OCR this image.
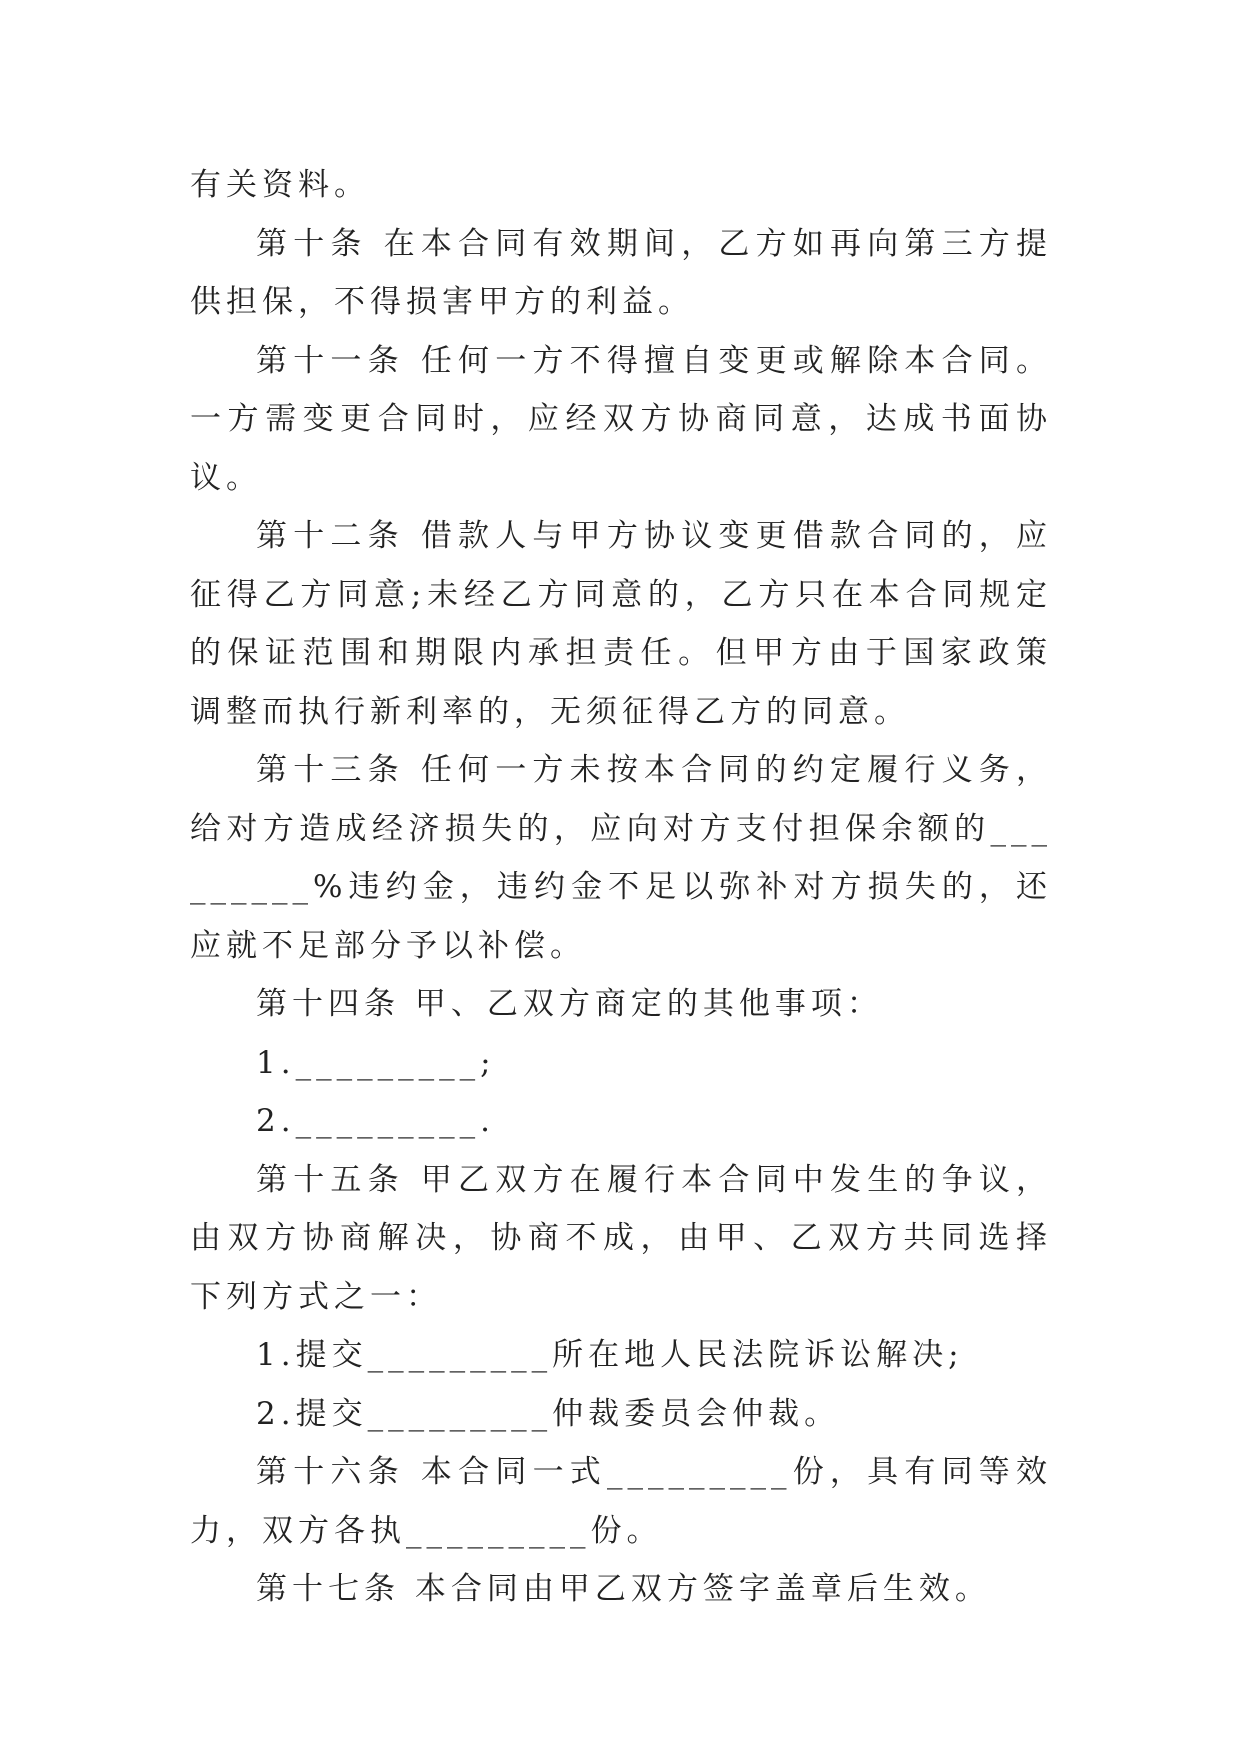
有关资料。

第十条 在本合同有效期间，乙方如再向第三方提供担保，不得损害甲方的利益。

第十一条 任何一方不得擅自变更或解除本合同。一方需变更合同时，应经双方协商同意，达成书面协议。

第十二条 借款人与甲方协议变更借款合同的，应征得乙方同意;未经乙方同意的，乙方只在本合同规定的保证范围和期限内承担责任。但甲方由于国家政策调整而执行新利率的，无须征得乙方的同意。

第十三条 任何一方未按本合同的约定履行义务，给对方造成经济损失的，应向对方支付担保余额的_________%违约金，违约金不足以弥补对方损失的，还应就不足部分予以补偿。

第十四条 甲、乙双方商定的其他事项：

1._________;

2._________.

第十五条 甲乙双方在履行本合同中发生的争议，由双方协商解决，协商不成，由甲、乙双方共同选择下列方式之一：

1.提交_________所在地人民法院诉讼解决;

2.提交_________仲裁委员会仲裁。

第十六条 本合同一式_________份，具有同等效力，双方各执_________份。

第十七条 本合同由甲乙双方签字盖章后生效。
